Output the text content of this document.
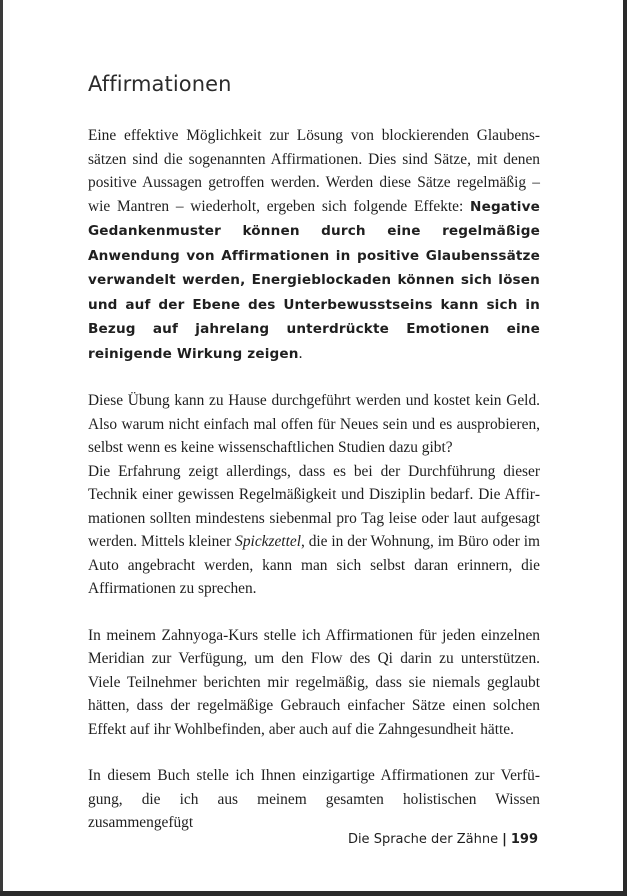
Affirmationen

Eine effektive Möglichkeit zur Lösung von blockierenden Glaubenssätzen sind die sogenannten Affirmationen. Dies sind Sätze, mit denen positive Aussagen getroffen werden. Werden diese Sätze regelmäßig – wie Mantren – wiederholt, ergeben sich folgende Effekte: Negative Gedankenmuster können durch eine regelmäßige Anwendung von Affirmationen in positive Glaubenssätze verwandelt werden, Energieblockaden können sich lösen und auf der Ebene des Unterbewusstseins kann sich in Bezug auf jahrelang unterdrückte Emotionen eine reinigende Wirkung zeigen.

Diese Übung kann zu Hause durchgeführt werden und kostet kein Geld. Also warum nicht einfach mal offen für Neues sein und es ausprobieren, selbst wenn es keine wissenschaftlichen Studien dazu gibt?

Die Erfahrung zeigt allerdings, dass es bei der Durchführung dieser Technik einer gewissen Regelmäßigkeit und Disziplin bedarf. Die Affirmationen sollten mindestens siebenmal pro Tag leise oder laut aufgesagt werden. Mittels kleiner Spickzettel, die in der Wohnung, im Büro oder im Auto angebracht werden, kann man sich selbst daran erinnern, die Affirmationen zu sprechen.

In meinem Zahnyoga-Kurs stelle ich Affirmationen für jeden einzelnen Meridian zur Verfügung, um den Flow des Qi darin zu unterstützen. Viele Teilnehmer berichten mir regelmäßig, dass sie niemals geglaubt hätten, dass der regelmäßige Gebrauch einfacher Sätze einen solchen Effekt auf ihr Wohlbefinden, aber auch auf die Zahngesundheit hätte.

In diesem Buch stelle ich Ihnen einzigartige Affirmationen zur Verfügung, die ich aus meinem gesamten holistischen Wissen zusammengefügt

Die Sprache der Zähne | 199
